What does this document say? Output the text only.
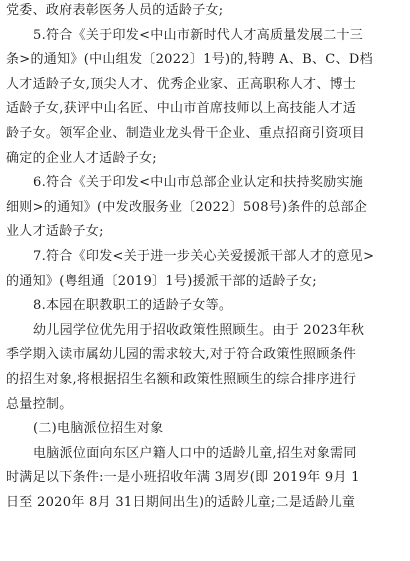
党委、政府表彰医务人员的适龄子女;
5.符合《关于印发<中山市新时代人才高质量发展二十三
条>的通知》(中山组发〔2022〕1号)的,特聘 A、B、C、D档
人才适龄子女,顶尖人才、优秀企业家、正高职称人才、博士
适龄子女,获评中山名匠、中山市首席技师以上高技能人才适
龄子女。领军企业、制造业龙头骨干企业、重点招商引资项目
确定的企业人才适龄子女;
6.符合《关于印发<中山市总部企业认定和扶持奖励实施
细则>的通知》(中发改服务业〔2022〕508号)条件的总部企
业人才适龄子女;
7.符合《印发<关于进一步关心关爱援派干部人才的意见>
的通知》(粤组通〔2019〕1号)援派干部的适龄子女;
8.本园在职教职工的适龄子女等。
幼儿园学位优先用于招收政策性照顾生。由于 2023年秋
季学期入读市属幼儿园的需求较大,对于符合政策性照顾条件
的招生对象,将根据招生名额和政策性照顾生的综合排序进行
总量控制。
(二)电脑派位招生对象
电脑派位面向东区户籍人口中的适龄儿童,招生对象需同
时满足以下条件:一是小班招收年满 3周岁(即 2019年 9月 1
日至 2020年 8月 31日期间出生)的适龄儿童;二是适龄儿童
